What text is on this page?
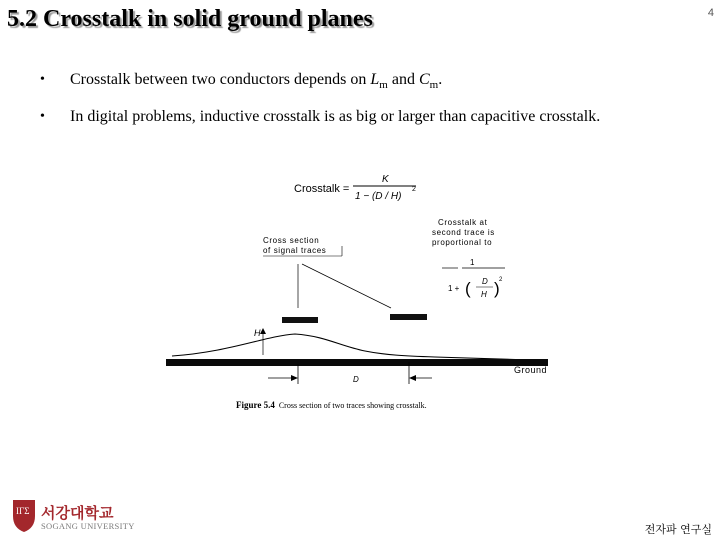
5.2 Crosstalk in solid ground planes	4
• Crosstalk between two conductors depends on $L_m$ and $C_m$.
• In digital problems, inductive crosstalk is as big or larger than capacitive crosstalk.
Crosstalk =
K
1 − (D / H)
2
Cross section
of signal traces
Crosstalk at
second trace is
proportional to
1
1 + ( D
H ) 2
H
Ground
D
Figure 5.4 Cross section of two traces showing crosstalk.
ΙΓΣ 서강대학교
SOGANG UNIVERSITY	전자파 연구실
